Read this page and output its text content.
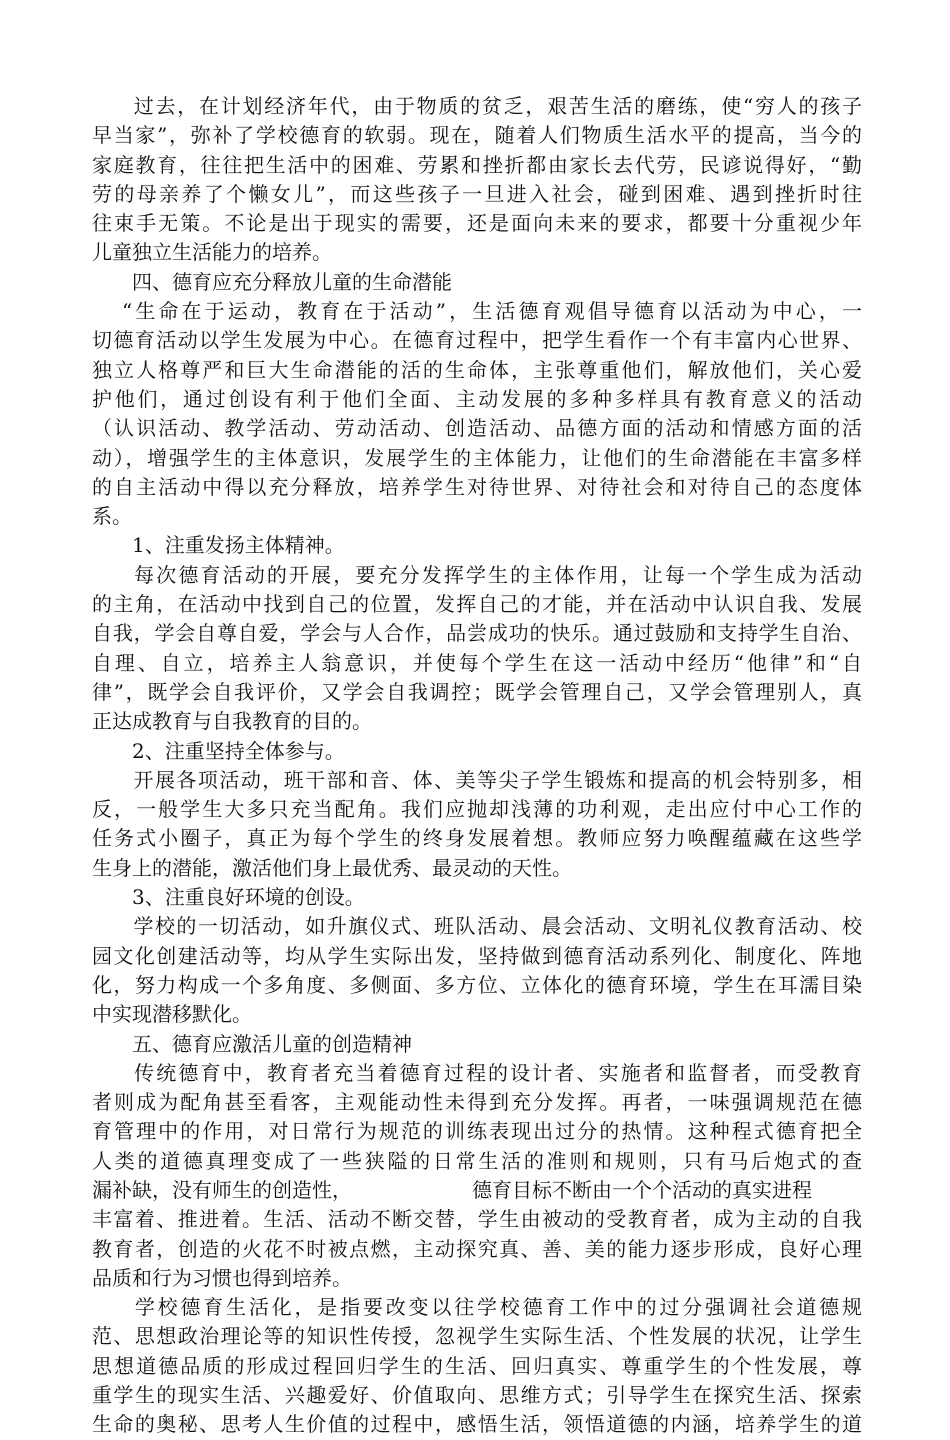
过去，在计划经济年代，由于物质的贫乏，艰苦生活的磨练，使“穷人的孩子
早当家”，弥补了学校德育的软弱。现在，随着人们物质生活水平的提高，当今的
家庭教育，往往把生活中的困难、劳累和挫折都由家长去代劳，民谚说得好，“勤
劳的母亲养了个懒女儿”，而这些孩子一旦进入社会，碰到困难、遇到挫折时往
往束手无策。不论是出于现实的需要，还是面向未来的要求，都要十分重视少年
儿童独立生活能力的培养。
四、德育应充分释放儿童的生命潜能
“生命在于运动，教育在于活动”，生活德育观倡导德育以活动为中心，一
切德育活动以学生发展为中心。在德育过程中，把学生看作一个有丰富内心世界、
独立人格尊严和巨大生命潜能的活的生命体，主张尊重他们，解放他们，关心爱
护他们，通过创设有利于他们全面、主动发展的多种多样具有教育意义的活动
（认识活动、教学活动、劳动活动、创造活动、品德方面的活动和情感方面的活
动），增强学生的主体意识，发展学生的主体能力，让他们的生命潜能在丰富多样
的自主活动中得以充分释放，培养学生对待世界、对待社会和对待自己的态度体
系。
1、注重发扬主体精神。
每次德育活动的开展，要充分发挥学生的主体作用，让每一个学生成为活动
的主角，在活动中找到自己的位置，发挥自己的才能，并在活动中认识自我、发展
自我，学会自尊自爱，学会与人合作，品尝成功的快乐。通过鼓励和支持学生自治、
自理、自立，培养主人翁意识，并使每个学生在这一活动中经历“他律”和“自
律”，既学会自我评价，又学会自我调控；既学会管理自己，又学会管理别人，真
正达成教育与自我教育的目的。
2、注重坚持全体参与。
开展各项活动，班干部和音、体、美等尖子学生锻炼和提高的机会特别多，相
反，一般学生大多只充当配角。我们应抛却浅薄的功利观，走出应付中心工作的
任务式小圈子，真正为每个学生的终身发展着想。教师应努力唤醒蕴藏在这些学
生身上的潜能，激活他们身上最优秀、最灵动的天性。
3、注重良好环境的创设。
学校的一切活动，如升旗仪式、班队活动、晨会活动、文明礼仪教育活动、校
园文化创建活动等，均从学生实际出发，坚持做到德育活动系列化、制度化、阵地
化，努力构成一个多角度、多侧面、多方位、立体化的德育环境，学生在耳濡目染
中实现潜移默化。
五、德育应激活儿童的创造精神
传统德育中，教育者充当着德育过程的设计者、实施者和监督者，而受教育
者则成为配角甚至看客，主观能动性未得到充分发挥。再者，一味强调规范在德
育管理中的作用，对日常行为规范的训练表现出过分的热情。这种程式德育把全
人类的道德真理变成了一些狭隘的日常生活的准则和规则，只有马后炮式的查
漏补缺，没有师生的创造性，	德育目标不断由一个个活动的真实进程
丰富着、推进着。生活、活动不断交替，学生由被动的受教育者，成为主动的自我
教育者，创造的火花不时被点燃，主动探究真、善、美的能力逐步形成，良好心理
品质和行为习惯也得到培养。
学校德育生活化，是指要改变以往学校德育工作中的过分强调社会道德规
范、思想政治理论等的知识性传授，忽视学生实际生活、个性发展的状况，让学生
思想道德品质的形成过程回归学生的生活、回归真实、尊重学生的个性发展，尊
重学生的现实生活、兴趣爱好、价值取向、思维方式；引导学生在探究生活、探索
生命的奥秘、思考人生价值的过程中，感悟生活，领悟道德的内涵，培养学生的道
